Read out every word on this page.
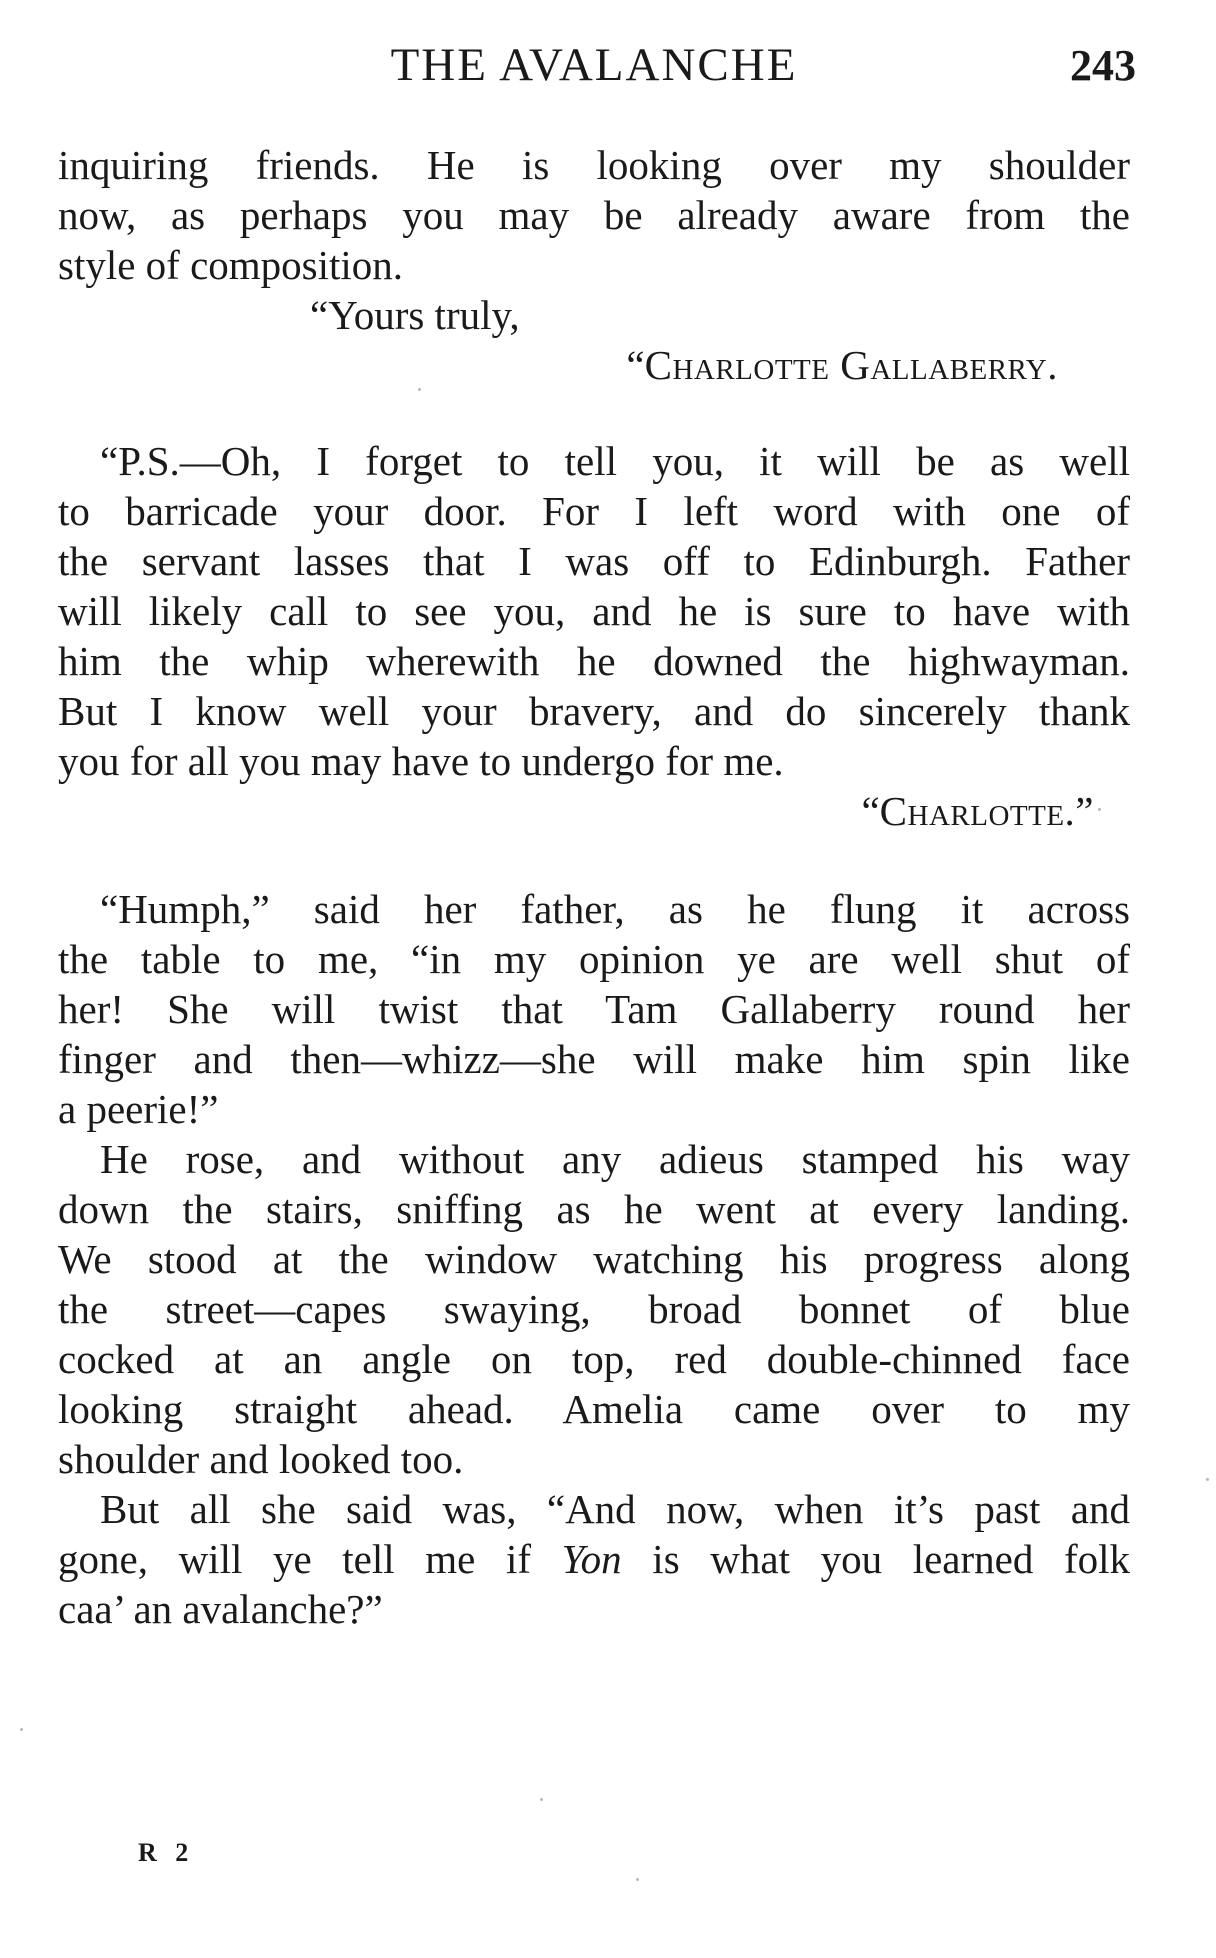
THE AVALANCHE	243
inquiring friends. He is looking over my shoulder
now, as perhaps you may be already aware from the
style of composition.
“Yours truly,
“Charlotte Gallaberry.
“P.S.—Oh, I forget to tell you, it will be as well
to barricade your door. For I left word with one of
the servant lasses that I was off to Edinburgh. Father
will likely call to see you, and he is sure to have with
him the whip wherewith he downed the highwayman.
But I know well your bravery, and do sincerely thank
you for all you may have to undergo for me.
“Charlotte.”
“Humph,” said her father, as he flung it across
the table to me, “in my opinion ye are well shut of
her! She will twist that Tam Gallaberry round her
finger and then—whizz—she will make him spin like
a peerie!”
He rose, and without any adieus stamped his way
down the stairs, sniffing as he went at every landing.
We stood at the window watching his progress along
the street—capes swaying, broad bonnet of blue
cocked at an angle on top, red double-chinned face
looking straight ahead. Amelia came over to my
shoulder and looked too.
But all she said was, “And now, when it’s past and
gone, will ye tell me if Yon is what you learned folk
caa’ an avalanche?”
R 2
